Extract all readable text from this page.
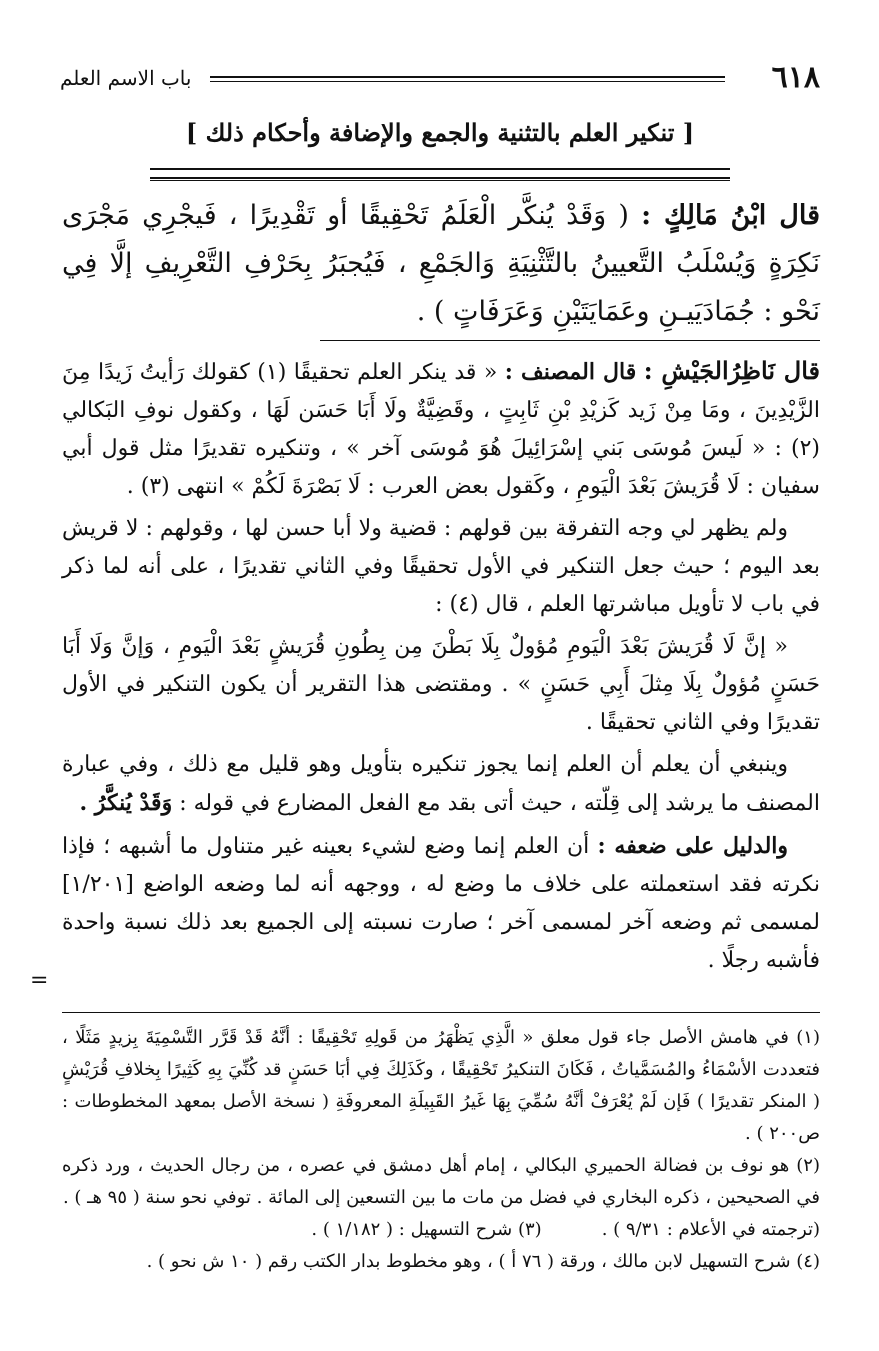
٦١٨
باب الاسم العلم
[ تنكير العلم بالتثنية والجمع والإضافة وأحكام ذلك ]
قال ابْنُ مَالِكٍ : ( وَقَدْ يُنكَّر الْعَلَمُ تَحْقِيقًا أو تَقْدِيرًا ، فَيجْرِي مَجْرَى نَكِرَةٍ وَيُسْلَبُ التَّعيينُ بالتَّثْنِيَةِ وَالجَمْعِ ، فَيُجبَرُ بِحَرْفِ التَّعْرِيفِ إلَّا فِي نَحْو : جُمَادَيَيـنِ وعَمَايَتَيْنِ وَعَرَفَاتٍ ) .

قال نَاظِرُالجَيْشِ : قال المصنف : « قد ينكر العلم تحقيقًا (١) كقولك رَأيتُ زَيدًا مِنَ الزَّيْدِينَ ، ومَا مِنْ زَيد كَزيْدِ بْنِ ثَابِتٍ ، وقَضِيَّةٌ ولَا أَبَا حَسَن لَهَا ، وكقول نوفِ البَكالي (٢) : « لَيسَ مُوسَى بَني إسْرَائِيلَ هُوَ مُوسَى آخر » ، وتنكيره تقديرًا مثل قول أبي سفيان : لَا قُرَيشَ بَعْدَ الْيَومِ ، وكَقول بعض العرب : لَا بَصْرَةَ لَكُمْ » انتهى (٣) .

ولم يظهر لي وجه التفرقة بين قولهم : قضية ولا أبا حسن لها ، وقولهم : لا قريش بعد اليوم ؛ حيث جعل التنكير في الأول تحقيقًا وفي الثاني تقديرًا ، على أنه لما ذكر في باب لا تأويل مباشرتها العلم ، قال (٤) :

« إنَّ لَا قُرَيشَ بَعْدَ الْيَومِ مُؤولٌ بِلَا بَطْنَ مِن بِطُونِ قُرَيشٍ بَعْدَ الْيَومِ ، وَإنَّ وَلَا أَبَا حَسَنٍ مُؤولٌ بِلَا مِثلَ أَبِي حَسَنٍ » . ومقتضى هذا التقرير أن يكون التنكير في الأول تقديرًا وفي الثاني تحقيقًا .

وينبغي أن يعلم أن العلم إنما يجوز تنكيره بتأويل وهو قليل مع ذلك ، وفي عبارة المصنف ما يرشد إلى قِلّته ، حيث أتى بقد مع الفعل المضارع في قوله : وَقَدْ يُنكَّرُ .

والدليل على ضعفه : أن العلم إنما وضع لشيء بعينه غير متناول ما أشبهه ؛ فإذا نكرته فقد استعملته على خلاف ما وضع له ، ووجهه أنه لما وضعه الواضع [١/٢٠١] لمسمى ثم وضعه آخر لمسمى آخر ؛ صارت نسبته إلى الجميع بعد ذلك نسبة واحدة فأشبه رجلًا .

=

(١) في هامش الأصل جاء قول معلق « الَّذِي يَظْهَرُ من قَولِهِ تَحْقِيقًا : أنَّهُ قَدْ قَرَّر التَّسْمِيَةَ بِزيدٍ مَثَلًا ، فتعددت الأسْمَاءُ والمُسَمَّياتُ ، فَكَانَ التنكيرُ تَحْقِيقًا ، وكَذَلِكَ فِي أبَا حَسَنٍ قد كُنِّيَ بِهِ كَثِيرًا بِخلافِ قُرَيْشٍ ( المنكر تقديرًا ) فَإن لَمْ يُعْرَفْ أنَّهُ سُمِّيَ بِهَا غَيرُ القَبِيلَةِ المعروفَةِ ( نسخة الأصل بمعهد المخطوطات : ص٢٠٠ ) .

(٢) هو نوف بن فضالة الحميري البكالي ، إمام أهل دمشق في عصره ، من رجال الحديث ، ورد ذكره في الصحيحين ، ذكره البخاري في فضل من مات ما بين التسعين إلى المائة . توفي نحو سنة ( ٩٥ هـ ) .

(ترجمته في الأعلام : ٩/٣١ ) .
(٣) شرح التسهيل : ( ١/١٨٢ ) .

(٤) شرح التسهيل لابن مالك ، ورقة ( ٧٦ أ ) ، وهو مخطوط بدار الكتب رقم ( ١٠ ش نحو ) .
